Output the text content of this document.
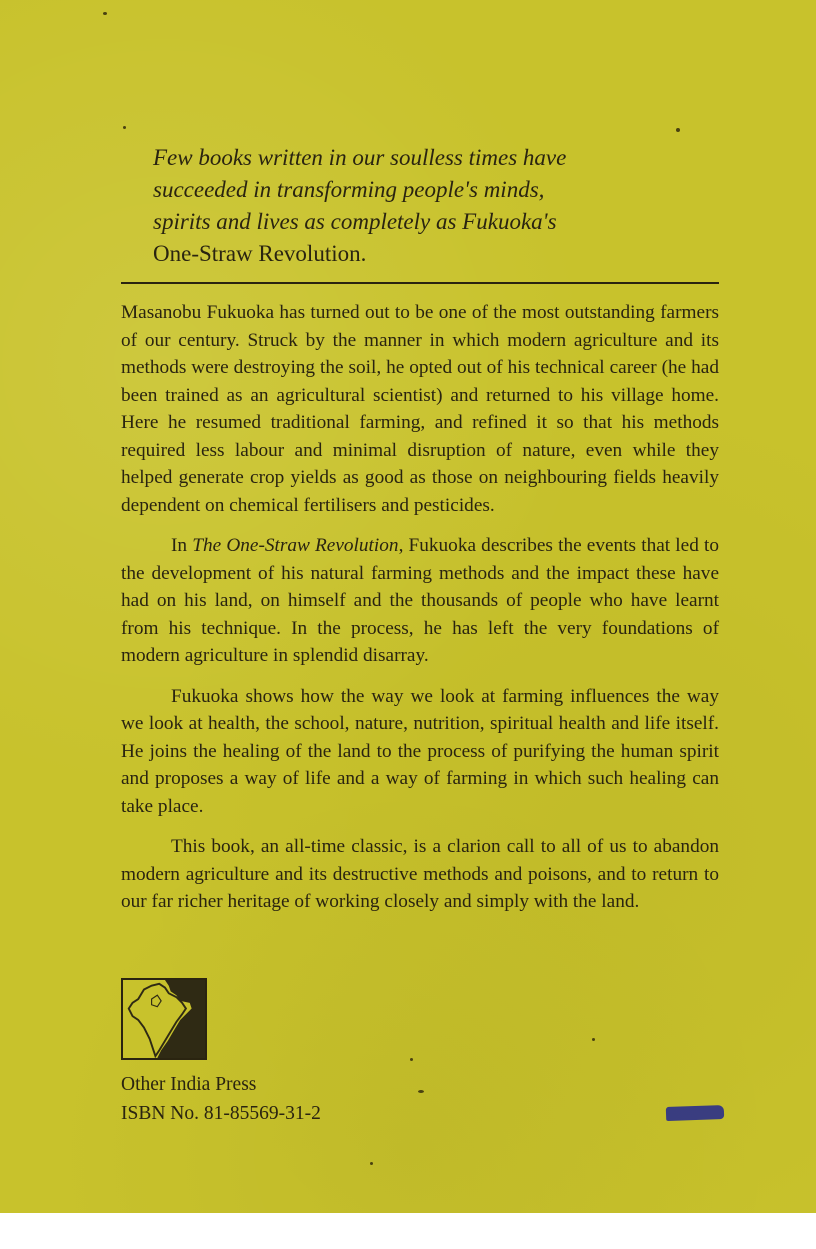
Few books written in our soulless times have
succeeded in transforming people's minds,
spirits and lives as completely as Fukuoka's
One-Straw Revolution.

Masanobu Fukuoka has turned out to be one of the most outstanding farmers of our century. Struck by the manner in which modern agriculture and its methods were destroying the soil, he opted out of his technical career (he had been trained as an agricultural scientist) and returned to his village home. Here he resumed traditional farming, and refined it so that his methods required less labour and minimal disruption of nature, even while they helped generate crop yields as good as those on neighbouring fields heavily dependent on chemical fertilisers and pesticides.

In The One-Straw Revolution, Fukuoka describes the events that led to the development of his natural farming methods and the impact these have had on his land, on himself and the thousands of people who have learnt from his technique. In the process, he has left the very foundations of modern agriculture in splendid disarray.

Fukuoka shows how the way we look at farming influences the way we look at health, the school, nature, nutrition, spiritual health and life itself. He joins the healing of the land to the process of purifying the human spirit and proposes a way of life and a way of farming in which such healing can take place.

This book, an all-time classic, is a clarion call to all of us to abandon modern agriculture and its destructive methods and poisons, and to return to our far richer heritage of working closely and simply with the land.

Other India Press
ISBN No. 81-85569-31-2
